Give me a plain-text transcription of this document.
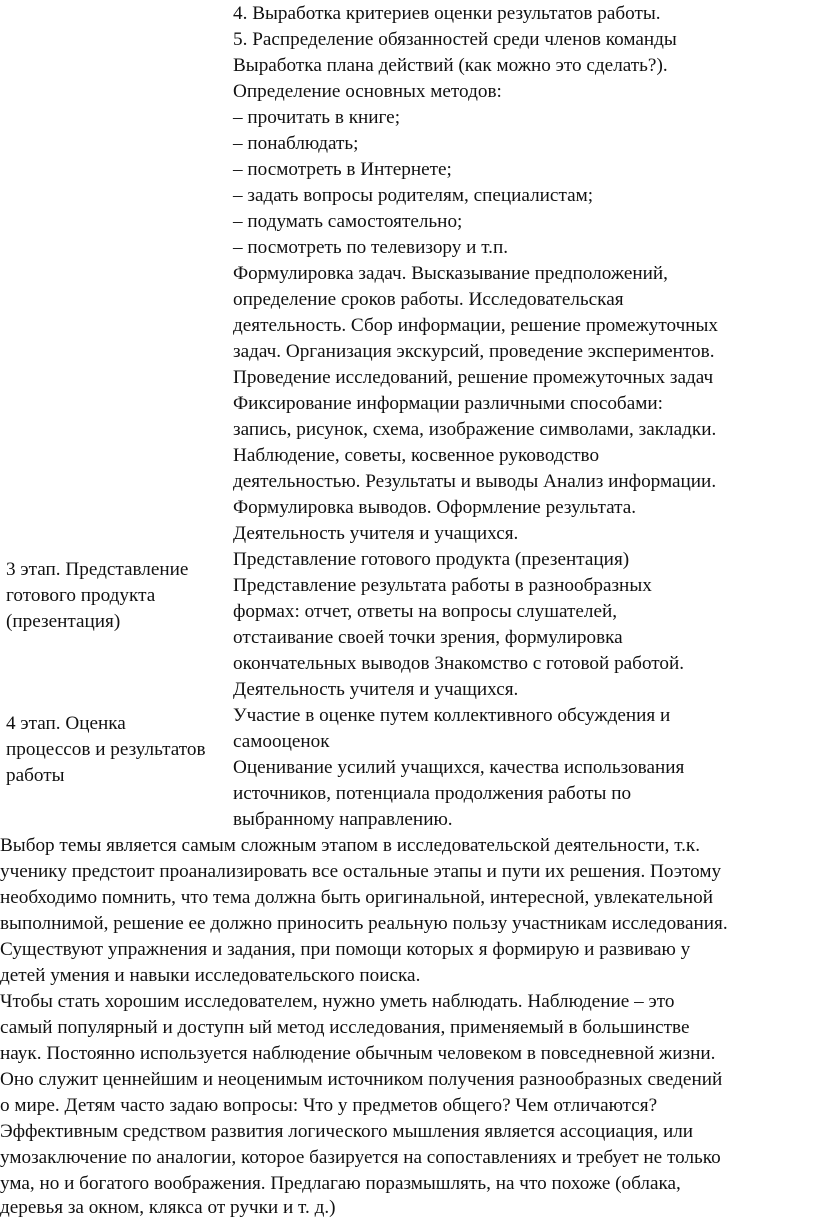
4. Выработка критериев оценки результатов работы.
5. Распределение обязанностей среди членов команды
Выработка плана действий (как можно это сделать?).
Определение основных методов:
– прочитать в книге;
– понаблюдать;
– посмотреть в Интернете;
– задать вопросы родителям, специалистам;
– подумать самостоятельно;
– посмотреть по телевизору и т.п.
Формулировка задач. Высказывание предположений,
определение сроков работы. Исследовательская
деятельность. Сбор информации, решение промежуточных
задач. Организация экскурсий, проведение экспериментов.
Проведение исследований, решение промежуточных задач
Фиксирование информации различными способами:
запись, рисунок, схема, изображение символами, закладки.
Наблюдение, советы, косвенное руководство
деятельностью. Результаты и выводы Анализ информации.
Формулировка выводов. Оформление результата.
Деятельность учителя и учащихся.
Представление готового продукта (презентация)
Представление результата работы в разнообразных
формах: отчет, ответы на вопросы слушателей,
отстаивание своей точки зрения, формулировка
окончательных выводов Знакомство с готовой работой.
Деятельность учителя и учащихся.
Участие в оценке путем коллективного обсуждения и
самооценок
Оценивание усилий учащихся, качества использования
источников, потенциала продолжения работы по
выбранному направлению.
3 этап. Представление
готового продукта
(презентация)
4 этап. Оценка
процессов и результатов
работы
Выбор темы является самым сложным этапом в исследовательской деятельности, т.к.
ученику предстоит проанализировать все остальные этапы и пути их решения. Поэтому
необходимо помнить, что тема должна быть оригинальной, интересной, увлекательной
выполнимой, решение ее должно приносить реальную пользу участникам исследования.
Существуют упражнения и задания, при помощи которых я формирую и развиваю у
детей умения и навыки исследовательского поиска.
Чтобы стать хорошим исследователем, нужно уметь наблюдать. Наблюдение – это
самый популярный и доступн ый метод исследования, применяемый в большинстве
наук. Постоянно используется наблюдение обычным человеком в повседневной жизни.
Оно служит ценнейшим и неоценимым источником получения разнообразных сведений
о мире. Детям часто задаю вопросы: Что у предметов общего? Чем отличаются?
Эффективным средством развития логического мышления является ассоциация, или
умозаключение по аналогии, которое базируется на сопоставлениях и требует не только
ума, но и богатого воображения. Предлагаю поразмышлять, на что похоже (облака,
деревья за окном, клякса от ручки и т. д.)
